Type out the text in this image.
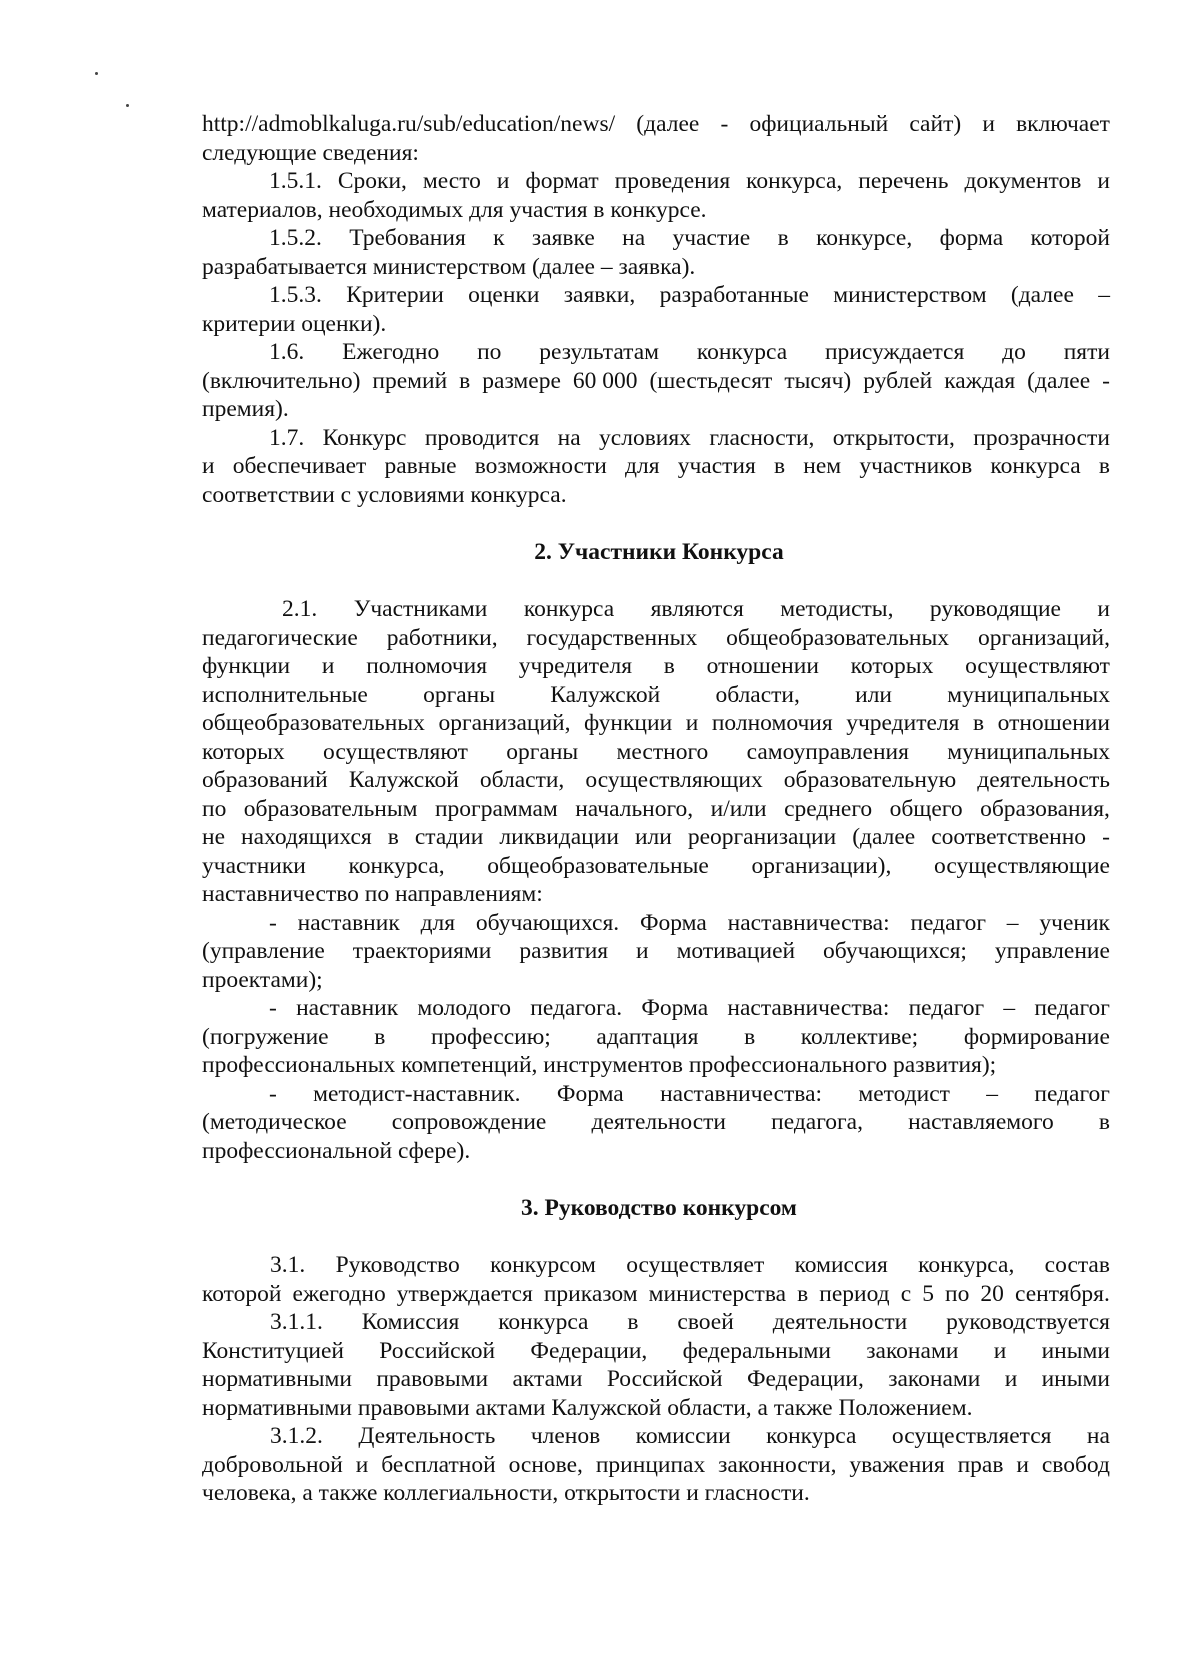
http://admoblkaluga.ru/sub/education/news/ (далее - официальный сайт) и включает
следующие сведения:
1.5.1. Сроки, место и формат проведения конкурса, перечень документов и
материалов, необходимых для участия в конкурсе.
1.5.2. Требования к заявке на участие в конкурсе, форма которой
разрабатывается министерством (далее – заявка).
1.5.3. Критерии оценки заявки, разработанные министерством (далее –
критерии оценки).
1.6. Ежегодно по результатам конкурса присуждается до пяти
(включительно) премий в размере 60 000 (шестьдесят тысяч) рублей каждая (далее -
премия).
1.7. Конкурс проводится на условиях гласности, открытости, прозрачности
и обеспечивает равные возможности для участия в нем участников конкурса в
соответствии с условиями конкурса.
2. Участники Конкурса
2.1. Участниками конкурса являются методисты, руководящие и
педагогические работники, государственных общеобразовательных организаций,
функции и полномочия учредителя в отношении которых осуществляют
исполнительные органы Калужской области, или муниципальных
общеобразовательных организаций, функции и полномочия учредителя в отношении
которых осуществляют органы местного самоуправления муниципальных
образований Калужской области, осуществляющих образовательную деятельность
по образовательным программам начального, и/или среднего общего образования,
не находящихся в стадии ликвидации или реорганизации (далее соответственно -
участники конкурса, общеобразовательные организации), осуществляющие
наставничество по направлениям:
- наставник для обучающихся. Форма наставничества: педагог – ученик
(управление траекториями развития и мотивацией обучающихся; управление
проектами);
- наставник молодого педагога. Форма наставничества: педагог – педагог
(погружение в профессию; адаптация в коллективе; формирование
профессиональных компетенций, инструментов профессионального развития);
- методист-наставник. Форма наставничества: методист – педагог
(методическое сопровождение деятельности педагога, наставляемого в
профессиональной сфере).
3. Руководство конкурсом
3.1. Руководство конкурсом осуществляет комиссия конкурса, состав
которой ежегодно утверждается приказом министерства в период с 5 по 20 сентября.
3.1.1. Комиссия конкурса в своей деятельности руководствуется
Конституцией Российской Федерации, федеральными законами и иными
нормативными правовыми актами Российской Федерации, законами и иными
нормативными правовыми актами Калужской области, а также Положением.
3.1.2. Деятельность членов комиссии конкурса осуществляется на
добровольной и бесплатной основе, принципах законности, уважения прав и свобод
человека, а также коллегиальности, открытости и гласности.
